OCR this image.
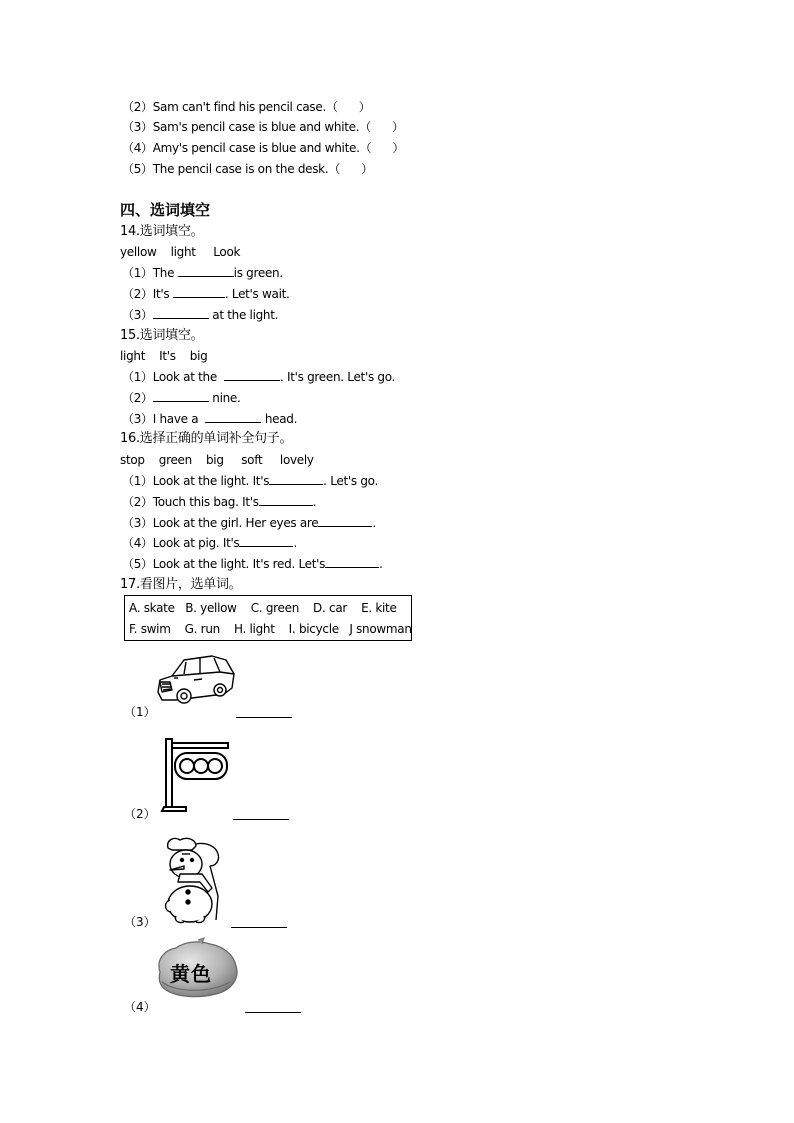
（2）Sam can't find his pencil case.（      ）
（3）Sam's pencil case is blue and white.（      ）
（4）Amy's pencil case is blue and white.（      ）
（5）The pencil case is on the desk.（      ）
四、选词填空
14.选词填空。
yellow    light     Look
（1）The	is green.
（2）It's	. Let's wait.
（3）	at the light.
15.选词填空。
light    It's    big
（1）Look at the	. It's green. Let's go.
（2）	nine.
（3）I have a	head.
16.选择正确的单词补全句子。
stop    green    big     soft     lovely
（1）Look at the light. It's	. Let's go.
（2）Touch this bag. It's	.
（3）Look at the girl. Her eyes are	.
（4）Look at pig. It's	.
（5）Look at the light. It's red. Let's	.
17.看图片，选单词。
A. skate   B. yellow    C. green    D. car    E. kite
F. swim    G. run    H. light    I. bicycle   J snowman
（1）
（2）
（3）
黄色
（4）
